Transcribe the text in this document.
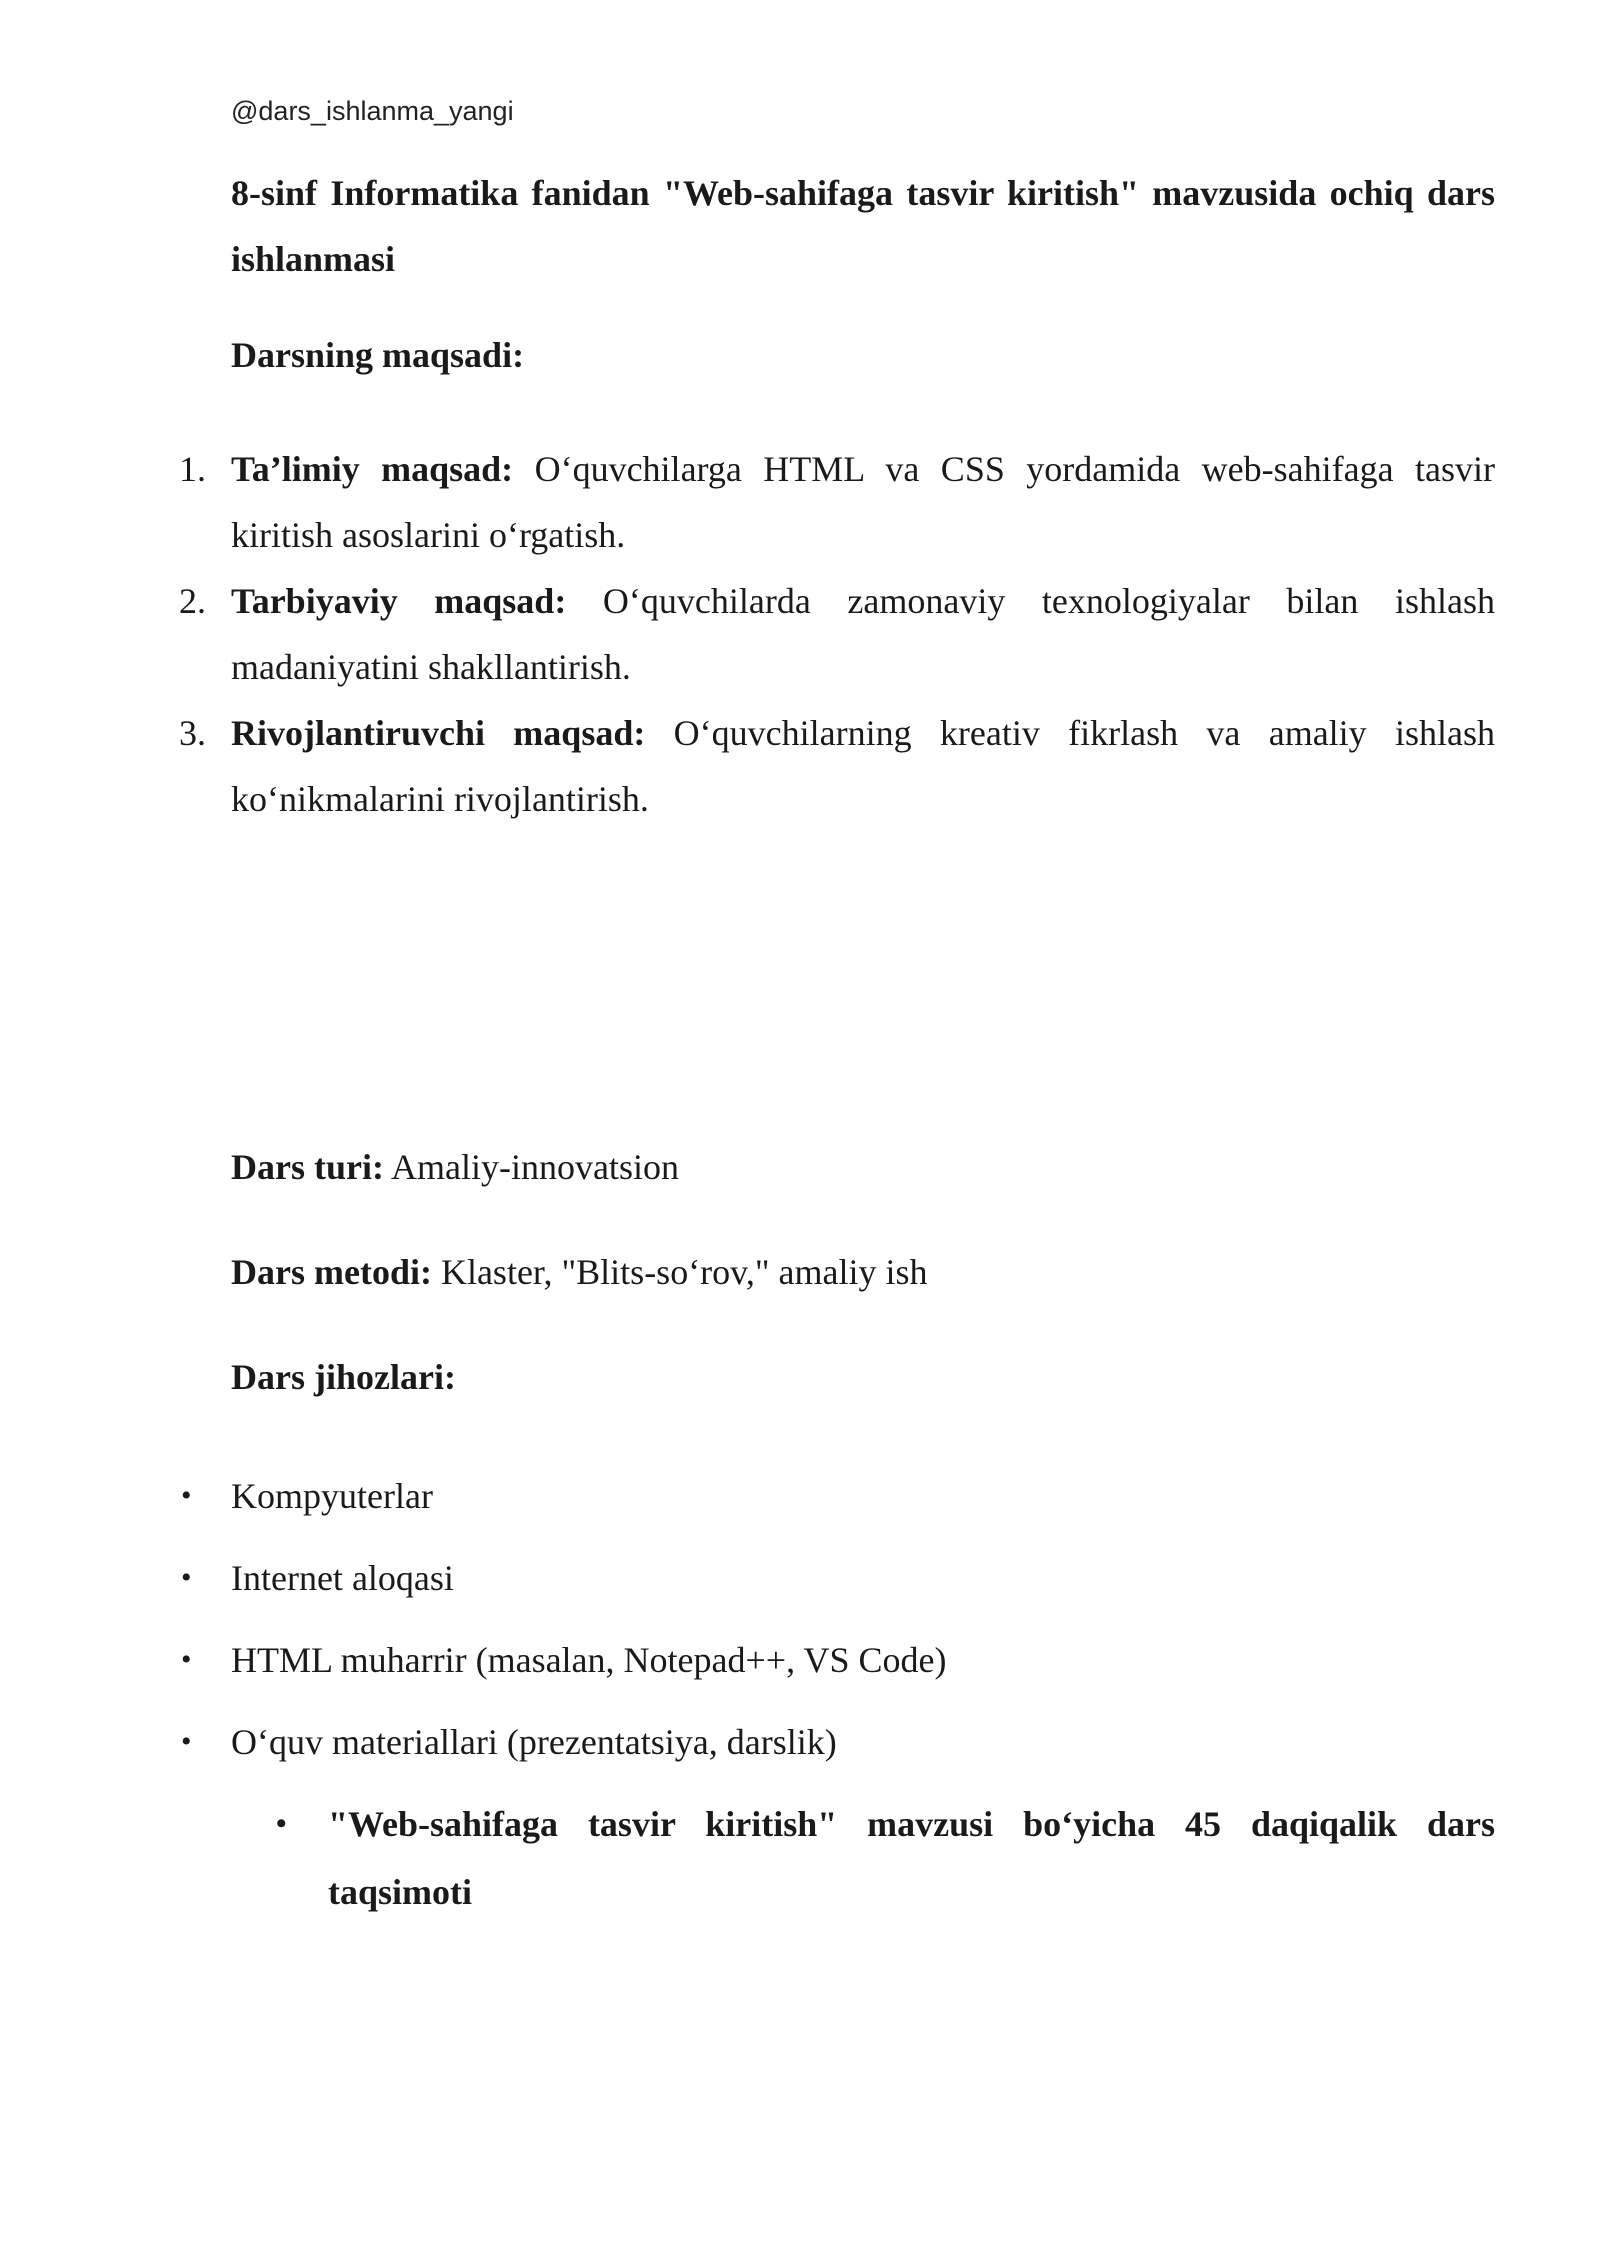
@dars_ishlanma_yangi
8-sinf Informatika fanidan "Web-sahifaga tasvir kiritish" mavzusida ochiq dars ishlanmasi
Darsning maqsadi:
1. Ta’limiy maqsad: O‘quvchilarga HTML va CSS yordamida web-sahifaga tasvir kiritish asoslarini o‘rgatish.
2. Tarbiyaviy maqsad: O‘quvchilarda zamonaviy texnologiyalar bilan ishlash madaniyatini shakllantirish.
3. Rivojlantiruvchi maqsad: O‘quvchilarning kreativ fikrlash va amaliy ishlash ko‘nikmalarini rivojlantirish.

Dars turi: Amaliy-innovatsion

Dars metodi: Klaster, "Blits-so‘rov," amaliy ish

Dars jihozlari:
• Kompyuterlar
• Internet aloqasi
• HTML muharrir (masalan, Notepad++, VS Code)
• O‘quv materiallari (prezentatsiya, darslik)
• "Web-sahifaga tasvir kiritish" mavzusi bo‘yicha 45 daqiqalik dars taqsimoti
